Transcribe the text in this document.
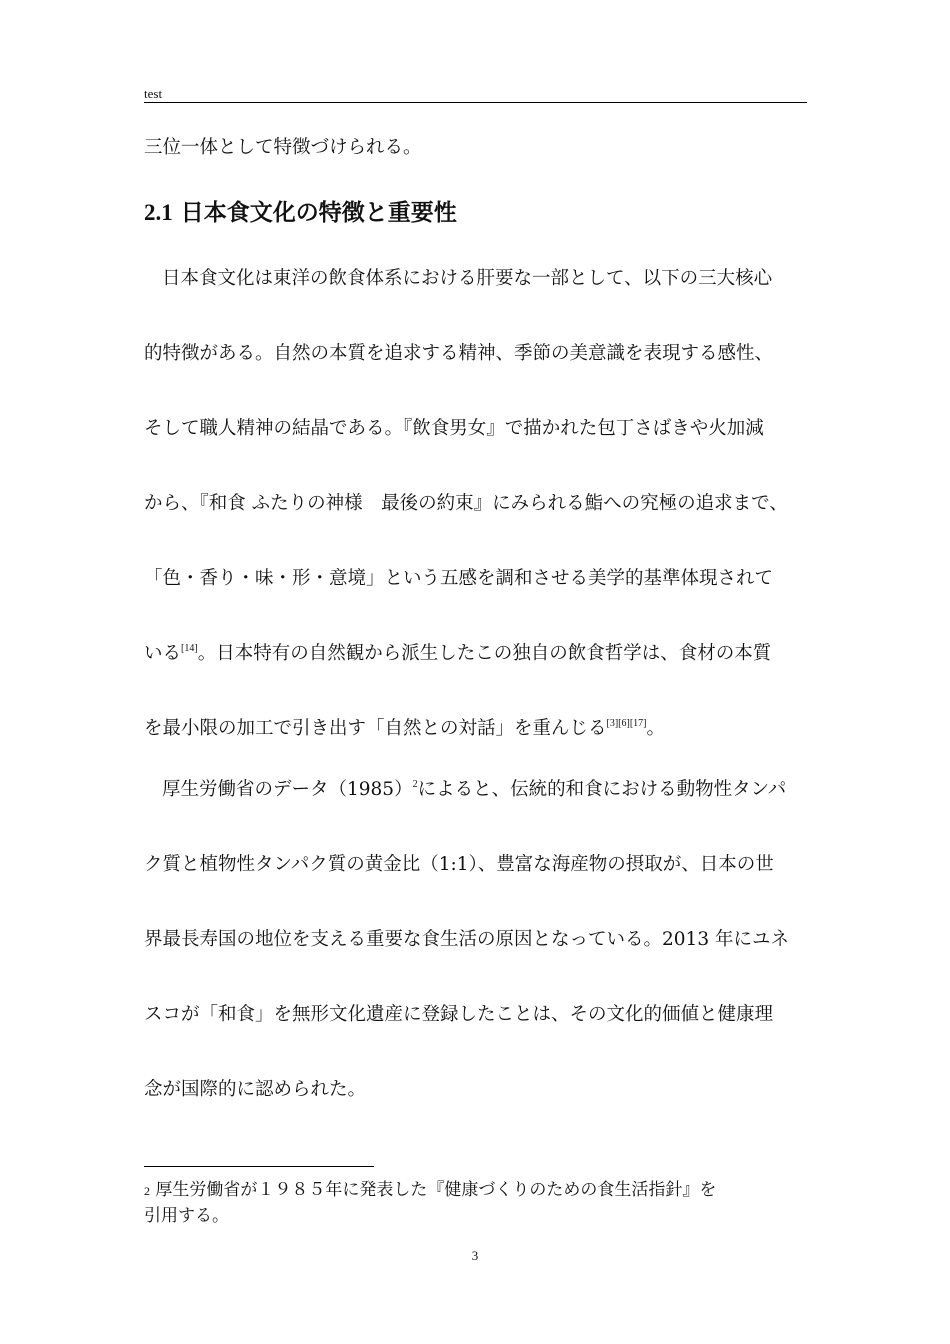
test
三位一体として特徴づけられる。
2.1 日本食文化の特徴と重要性
日本食文化は東洋の飲食体系における肝要な一部として、以下の三大核心
的特徴がある。自然の本質を追求する精神、季節の美意識を表現する感性、
そして職人精神の結晶である。『飲食男女』で描かれた包丁さばきや火加減
から、『和食 ふたりの神様　最後の約束』にみられる鮨への究極の追求まで、
「色・香り・味・形・意境」という五感を調和させる美学的基準体現されて
いる[14]。日本特有の自然観から派生したこの独自の飲食哲学は、食材の本質
を最小限の加工で引き出す「自然との対話」を重んじる[3][6][17]。
厚生労働省のデータ（1985）$^2$によると、伝統的和食における動物性タンパ
ク質と植物性タンパク質の黄金比（1:1）、豊富な海産物の摂取が、日本の世
界最長寿国の地位を支える重要な食生活の原因となっている。2013 年にユネ
スコが「和食」を無形文化遺産に登録したことは、その文化的価値と健康理
念が国際的に認められた。
2 厚生労働省が１９８５年に発表した『健康づくりのための食生活指針』を
引用する。
3
